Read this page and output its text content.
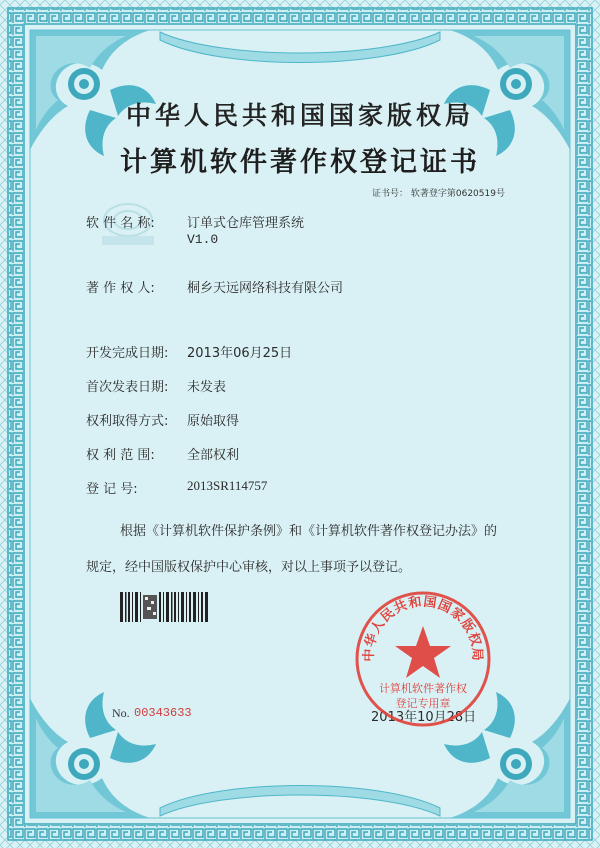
中华人民共和国国家版权局
计算机软件著作权登记证书
证书号： 软著登字第0620519号
软 件 名 称: 订单式仓库管理系统
V1.0
著 作 权 人: 桐乡天远网络科技有限公司
开发完成日期: 2013年06月25日
首次发表日期: 未发表
权利取得方式: 原始取得
权 利 范 围: 全部权利
登 记 号:	2013SR114757
根据《计算机软件保护条例》和《计算机软件著作权登记办法》的
规定，经中国版权保护中心审核，对以上事项予以登记。
No. 00343633	2013年10月28日
中华人民共和国国家版权局
计算机软件著作权
登记专用章
